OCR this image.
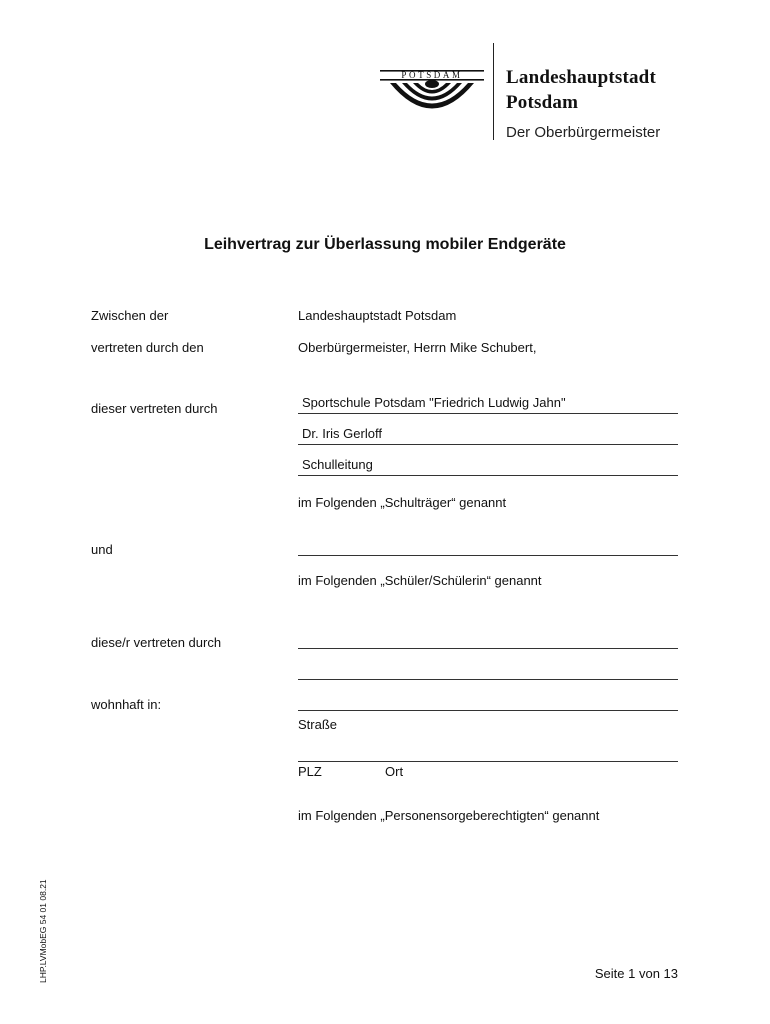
POTSDAM Landeshauptstadt
Potsdam
Der Oberbürgermeister
Leihvertrag zur Überlassung mobiler Endgeräte
Zwischen der	Landeshauptstadt Potsdam
vertreten durch den	Oberbürgermeister, Herrn Mike Schubert,
dieser vertreten durch	Sportschule Potsdam "Friedrich Ludwig Jahn"
Dr. Iris Gerloff
Schulleitung
im Folgenden „Schulträger“ genannt
und
im Folgenden „Schüler/Schülerin“ genannt
diese/r vertreten durch
wohnhaft in:
Straße
PLZ	Ort
im Folgenden „Personensorgeberechtigten“ genannt
LHP.LVMobEG 54 01 08.21	Seite 1 von 13
